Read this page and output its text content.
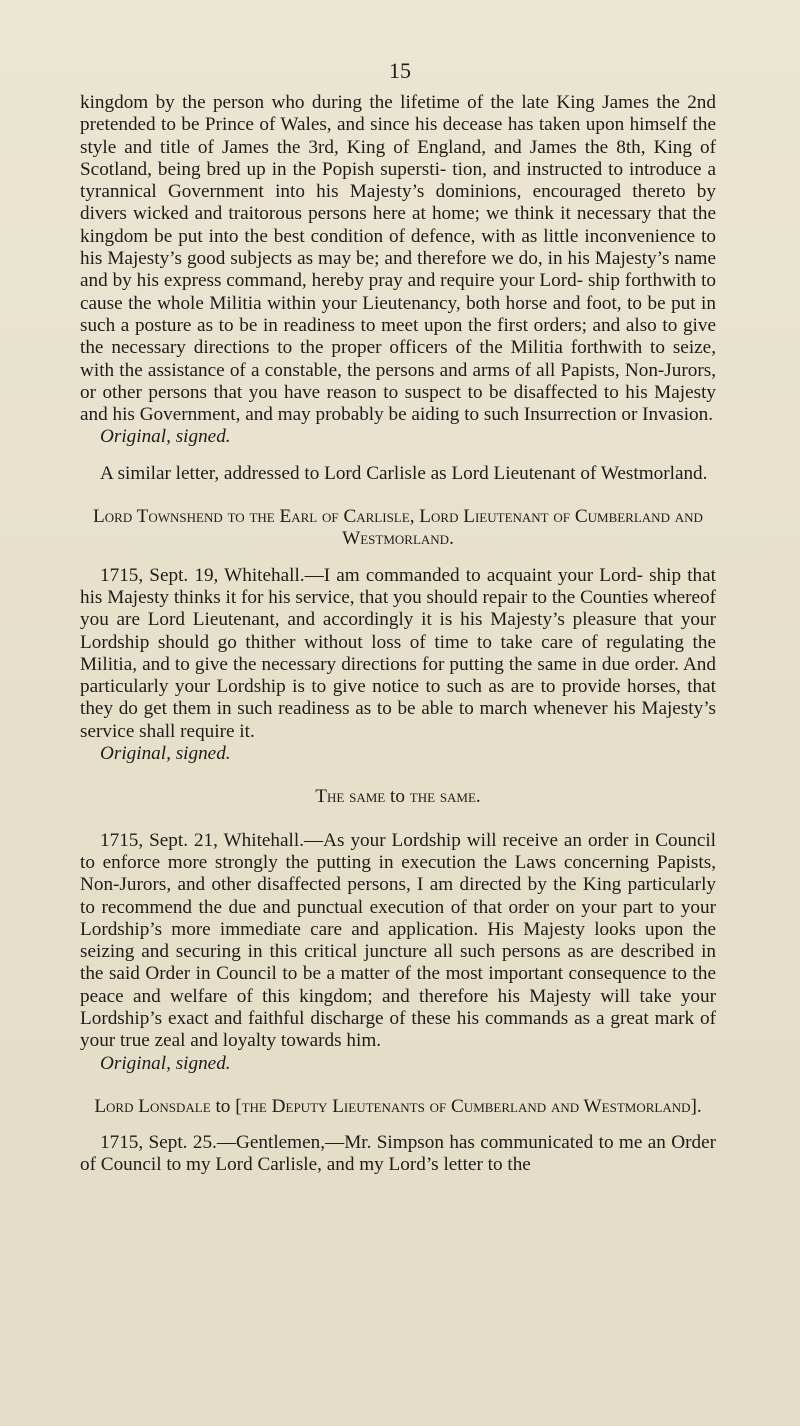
15

kingdom by the person who during the lifetime of the late King James the 2nd pretended to be Prince of Wales, and since his decease has taken upon himself the style and title of James the 3rd, King of England, and James the 8th, King of Scotland, being bred up in the Popish supersti- tion, and instructed to introduce a tyrannical Government into his Majesty’s dominions, encouraged thereto by divers wicked and traitorous persons here at home; we think it necessary that the kingdom be put into the best condition of defence, with as little inconvenience to his Majesty’s good subjects as may be; and therefore we do, in his Majesty’s name and by his express command, hereby pray and require your Lord- ship forthwith to cause the whole Militia within your Lieutenancy, both horse and foot, to be put in such a posture as to be in readiness to meet upon the first orders; and also to give the necessary directions to the proper officers of the Militia forthwith to seize, with the assistance of a constable, the persons and arms of all Papists, Non-Jurors, or other persons that you have reason to suspect to be disaffected to his Majesty and his Government, and may probably be aiding to such Insurrection or Invasion.

Original, signed.

A similar letter, addressed to Lord Carlisle as Lord Lieutenant of Westmorland.

Lord Townshend to the Earl of Carlisle, Lord Lieutenant of Cumberland and Westmorland.

1715, Sept. 19, Whitehall.—I am commanded to acquaint your Lord- ship that his Majesty thinks it for his service, that you should repair to the Counties whereof you are Lord Lieutenant, and accordingly it is his Majesty’s pleasure that your Lordship should go thither without loss of time to take care of regulating the Militia, and to give the necessary directions for putting the same in due order. And particularly your Lordship is to give notice to such as are to provide horses, that they do get them in such readiness as to be able to march whenever his Majesty’s service shall require it.

Original, signed.
The same to the same.

1715, Sept. 21, Whitehall.—As your Lordship will receive an order in Council to enforce more strongly the putting in execution the Laws concerning Papists, Non-Jurors, and other disaffected persons, I am directed by the King particularly to recommend the due and punctual execution of that order on your part to your Lordship’s more immediate care and application. His Majesty looks upon the seizing and securing in this critical juncture all such persons as are described in the said Order in Council to be a matter of the most important consequence to the peace and welfare of this kingdom; and therefore his Majesty will take your Lordship’s exact and faithful discharge of these his commands as a great mark of your true zeal and loyalty towards him.

Original, signed.
Lord Lonsdale to [the Deputy Lieutenants of Cumberland and Westmorland].

1715, Sept. 25.—Gentlemen,—Mr. Simpson has communicated to me an Order of Council to my Lord Carlisle, and my Lord’s letter to the
